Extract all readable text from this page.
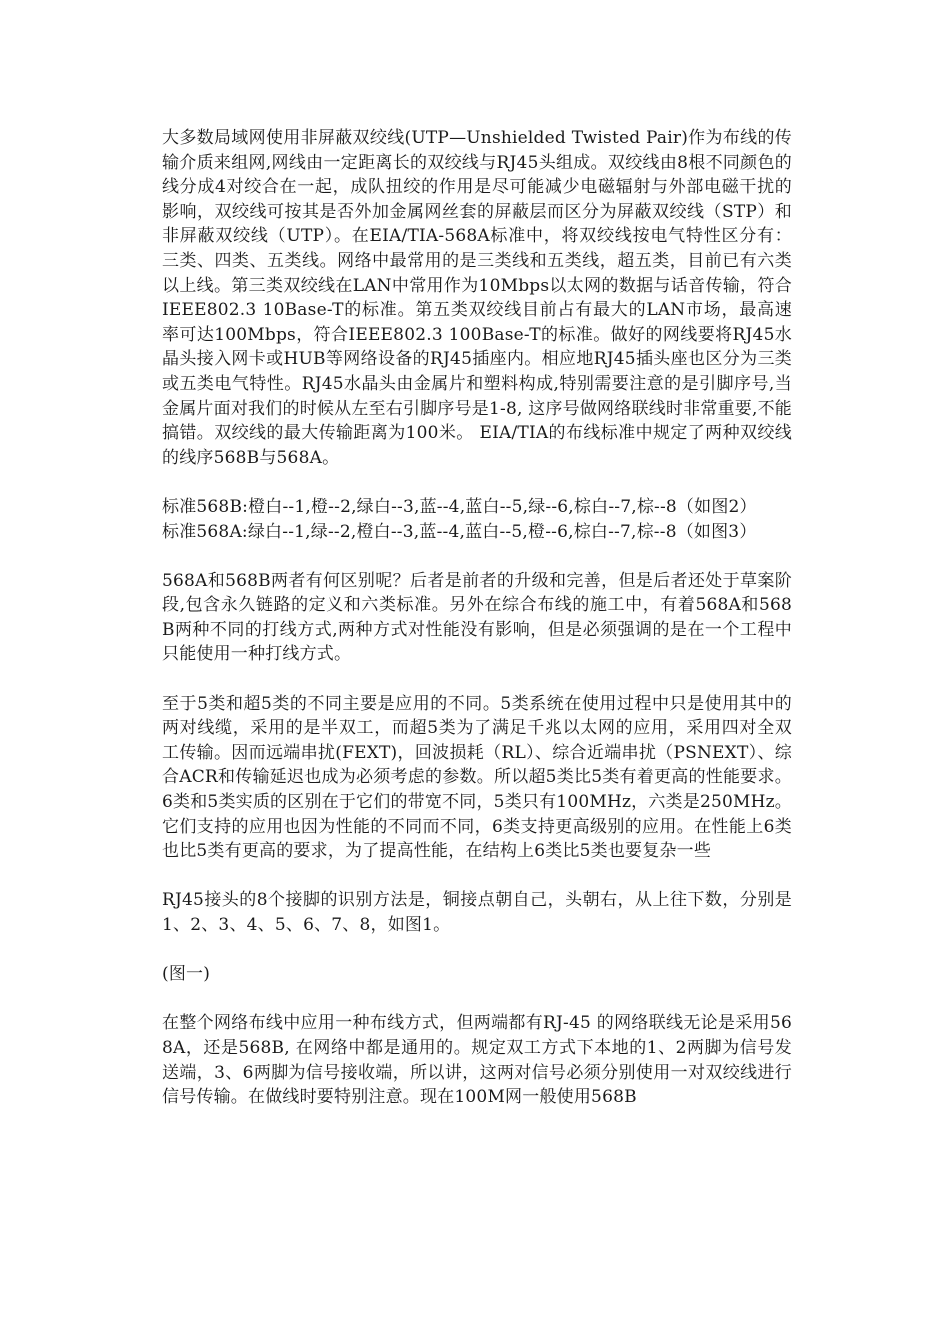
大多数局域网使用非屏蔽双绞线(UTP—Unshielded Twisted Pair)作为布线的传输介质来组网,网线由一定距离长的双绞线与RJ45头组成。双绞线由8根不同颜色的线分成4对绞合在一起，成队扭绞的作用是尽可能减少电磁辐射与外部电磁干扰的影响，双绞线可按其是否外加金属网丝套的屏蔽层而区分为屏蔽双绞线（STP）和非屏蔽双绞线（UTP）。在EIA/TIA-568A标准中，将双绞线按电气特性区分有：三类、四类、五类线。网络中最常用的是三类线和五类线，超五类，目前已有六类以上线。第三类双绞线在LAN中常用作为10Mbps以太网的数据与话音传输，符合IEEE802.3 10Base-T的标准。第五类双绞线目前占有最大的LAN市场，最高速率可达100Mbps，符合IEEE802.3 100Base-T的标准。做好的网线要将RJ45水晶头接入网卡或HUB等网络设备的RJ45插座内。相应地RJ45插头座也区分为三类或五类电气特性。RJ45水晶头由金属片和塑料构成,特别需要注意的是引脚序号,当金属片面对我们的时候从左至右引脚序号是1-8, 这序号做网络联线时非常重要,不能搞错。双绞线的最大传输距离为100米。 EIA/TIA的布线标准中规定了两种双绞线的线序568B与568A。

标准568B:橙白--1,橙--2,绿白--3,蓝--4,蓝白--5,绿--6,棕白--7,棕--8（如图2）

标准568A:绿白--1,绿--2,橙白--3,蓝--4,蓝白--5,橙--6,棕白--7,棕--8（如图3）

568A和568B两者有何区别呢？后者是前者的升级和完善，但是后者还处于草案阶段,包含永久链路的定义和六类标准。另外在综合布线的施工中，有着568A和568B两种不同的打线方式,两种方式对性能没有影响，但是必须强调的是在一个工程中只能使用一种打线方式。

至于5类和超5类的不同主要是应用的不同。5类系统在使用过程中只是使用其中的两对线缆，采用的是半双工，而超5类为了满足千兆以太网的应用，采用四对全双工传输。因而远端串扰(FEXT)，回波损耗（RL）、综合近端串扰（PSNEXT）、综合ACR和传输延迟也成为必须考虑的参数。所以超5类比5类有着更高的性能要求。6类和5类实质的区别在于它们的带宽不同，5类只有100MHz，六类是250MHz。它们支持的应用也因为性能的不同而不同，6类支持更高级别的应用。在性能上6类也比5类有更高的要求，为了提高性能，在结构上6类比5类也要复杂一些

RJ45接头的8个接脚的识别方法是，铜接点朝自己，头朝右，从上往下数，分别是1、2、3、4、5、6、7、8，如图1。

(图一)

在整个网络布线中应用一种布线方式，但两端都有RJ-45 的网络联线无论是采用568A，还是568B, 在网络中都是通用的。规定双工方式下本地的1、2两脚为信号发送端，3、6两脚为信号接收端，所以讲，这两对信号必须分别使用一对双绞线进行信号传输。在做线时要特别注意。现在100M网一般使用568B
